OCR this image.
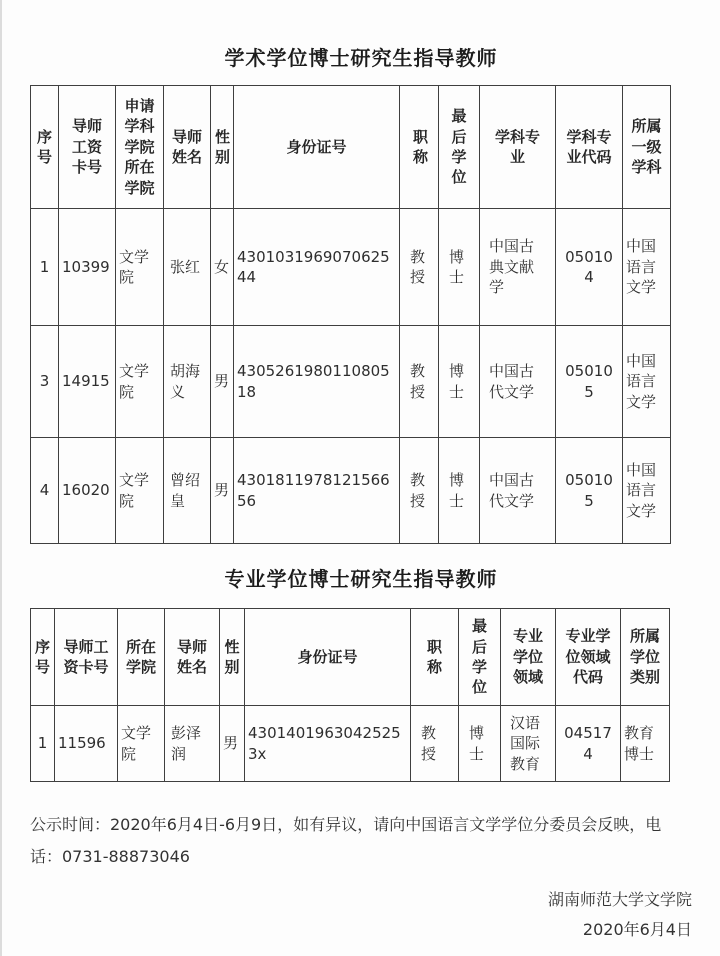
学术学位博士研究生指导教师
序号	导师工资卡号	申请学科学院所在学院	导师姓名	性别	身份证号	职称	最后学位	学科专业	学科专业代码	所属一级学科
1	10399	文学院	张红	女	430103196907062544	教授	博士	中国古典文献学	050104	中国语言文学
3	14915	文学院	胡海义	男	430526198011080518	教授	博士	中国古代文学	050105	中国语言文学
4	16020	文学院	曾绍皇	男	430181197812156656	教授	博士	中国古代文学	050105	中国语言文学
专业学位博士研究生指导教师
序号	导师工资卡号	所在学院	导师姓名	性别	身份证号	职称	最后学位	专业学位领域	专业学位领域代码	所属学位类别
1	11596	文学院	彭泽润	男	43014019630425253x	教授	博士	汉语国际教育	045174	教育博士

公示时间：2020年6月4日-6月9日，如有异议，请向中国语言文学学位分委员会反映，电话：0731-88873046

湖南师范大学文学院
2020年6月4日
